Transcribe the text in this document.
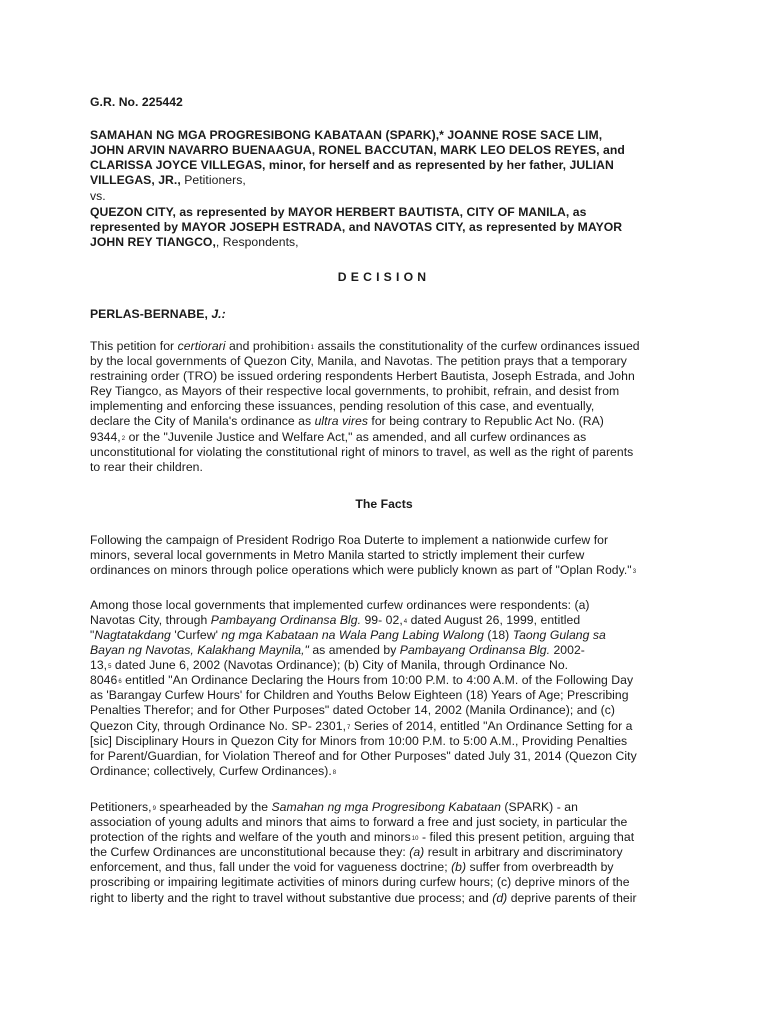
G.R. No. 225442
SAMAHAN NG MGA PROGRESIBONG KABATAAN (SPARK),* JOANNE ROSE SACE LIM,
JOHN ARVIN NAVARRO BUENAAGUA, RONEL BACCUTAN, MARK LEO DELOS REYES, and
CLARISSA JOYCE VILLEGAS, minor, for herself and as represented by her father, JULIAN
VILLEGAS, JR., Petitioners,
vs.
QUEZON CITY, as represented by MAYOR HERBERT BAUTISTA, CITY OF MANILA, as
represented by MAYOR JOSEPH ESTRADA, and NAVOTAS CITY, as represented by MAYOR
JOHN REY TIANGCO,, Respondents,
DECISION
PERLAS-BERNABE, J.:
This petition for certiorari and prohibition$^1$ assails the constitutionality of the curfew ordinances issued
by the local governments of Quezon City, Manila, and Navotas. The petition prays that a temporary
restraining order (TRO) be issued ordering respondents Herbert Bautista, Joseph Estrada, and John
Rey Tiangco, as Mayors of their respective local governments, to prohibit, refrain, and desist from
implementing and enforcing these issuances, pending resolution of this case, and eventually,
declare the City of Manila's ordinance as ultra vires for being contrary to Republic Act No. (RA)
9344,$^2$ or the "Juvenile Justice and Welfare Act," as amended, and all curfew ordinances as
unconstitutional for violating the constitutional right of minors to travel, as well as the right of parents
to rear their children.
The Facts
Following the campaign of President Rodrigo Roa Duterte to implement a nationwide curfew for
minors, several local governments in Metro Manila started to strictly implement their curfew
ordinances on minors through police operations which were publicly known as part of "Oplan Rody."$^3$
Among those local governments that implemented curfew ordinances were respondents: (a)
Navotas City, through Pambayang Ordinansa Blg. 99- 02,$^4$ dated August 26, 1999, entitled
"Nagtatakdang 'Curfew' ng mga Kabataan na Wala Pang Labing Walong (18) Taong Gulang sa
Bayan ng Navotas, Kalakhang Maynila," as amended by Pambayang Ordinansa Blg. 2002-
13,$^5$ dated June 6, 2002 (Navotas Ordinance); (b) City of Manila, through Ordinance No.
8046$^6$ entitled "An Ordinance Declaring the Hours from 10:00 P.M. to 4:00 A.M. of the Following Day
as 'Barangay Curfew Hours' for Children and Youths Below Eighteen (18) Years of Age; Prescribing
Penalties Therefor; and for Other Purposes" dated October 14, 2002 (Manila Ordinance); and (c)
Quezon City, through Ordinance No. SP- 2301,$^7$ Series of 2014, entitled "An Ordinance Setting for a
[sic] Disciplinary Hours in Quezon City for Minors from 10:00 P.M. to 5:00 A.M., Providing Penalties
for Parent/Guardian, for Violation Thereof and for Other Purposes" dated July 31, 2014 (Quezon City
Ordinance; collectively, Curfew Ordinances).$^8$
Petitioners,$^9$ spearheaded by the Samahan ng mga Progresibong Kabataan (SPARK) - an
association of young adults and minors that aims to forward a free and just society, in particular the
protection of the rights and welfare of the youth and minors$^{10}$ - filed this present petition, arguing that
the Curfew Ordinances are unconstitutional because they: (a) result in arbitrary and discriminatory
enforcement, and thus, fall under the void for vagueness doctrine; (b) suffer from overbreadth by
proscribing or impairing legitimate activities of minors during curfew hours; (c) deprive minors of the
right to liberty and the right to travel without substantive due process; and (d) deprive parents of their
